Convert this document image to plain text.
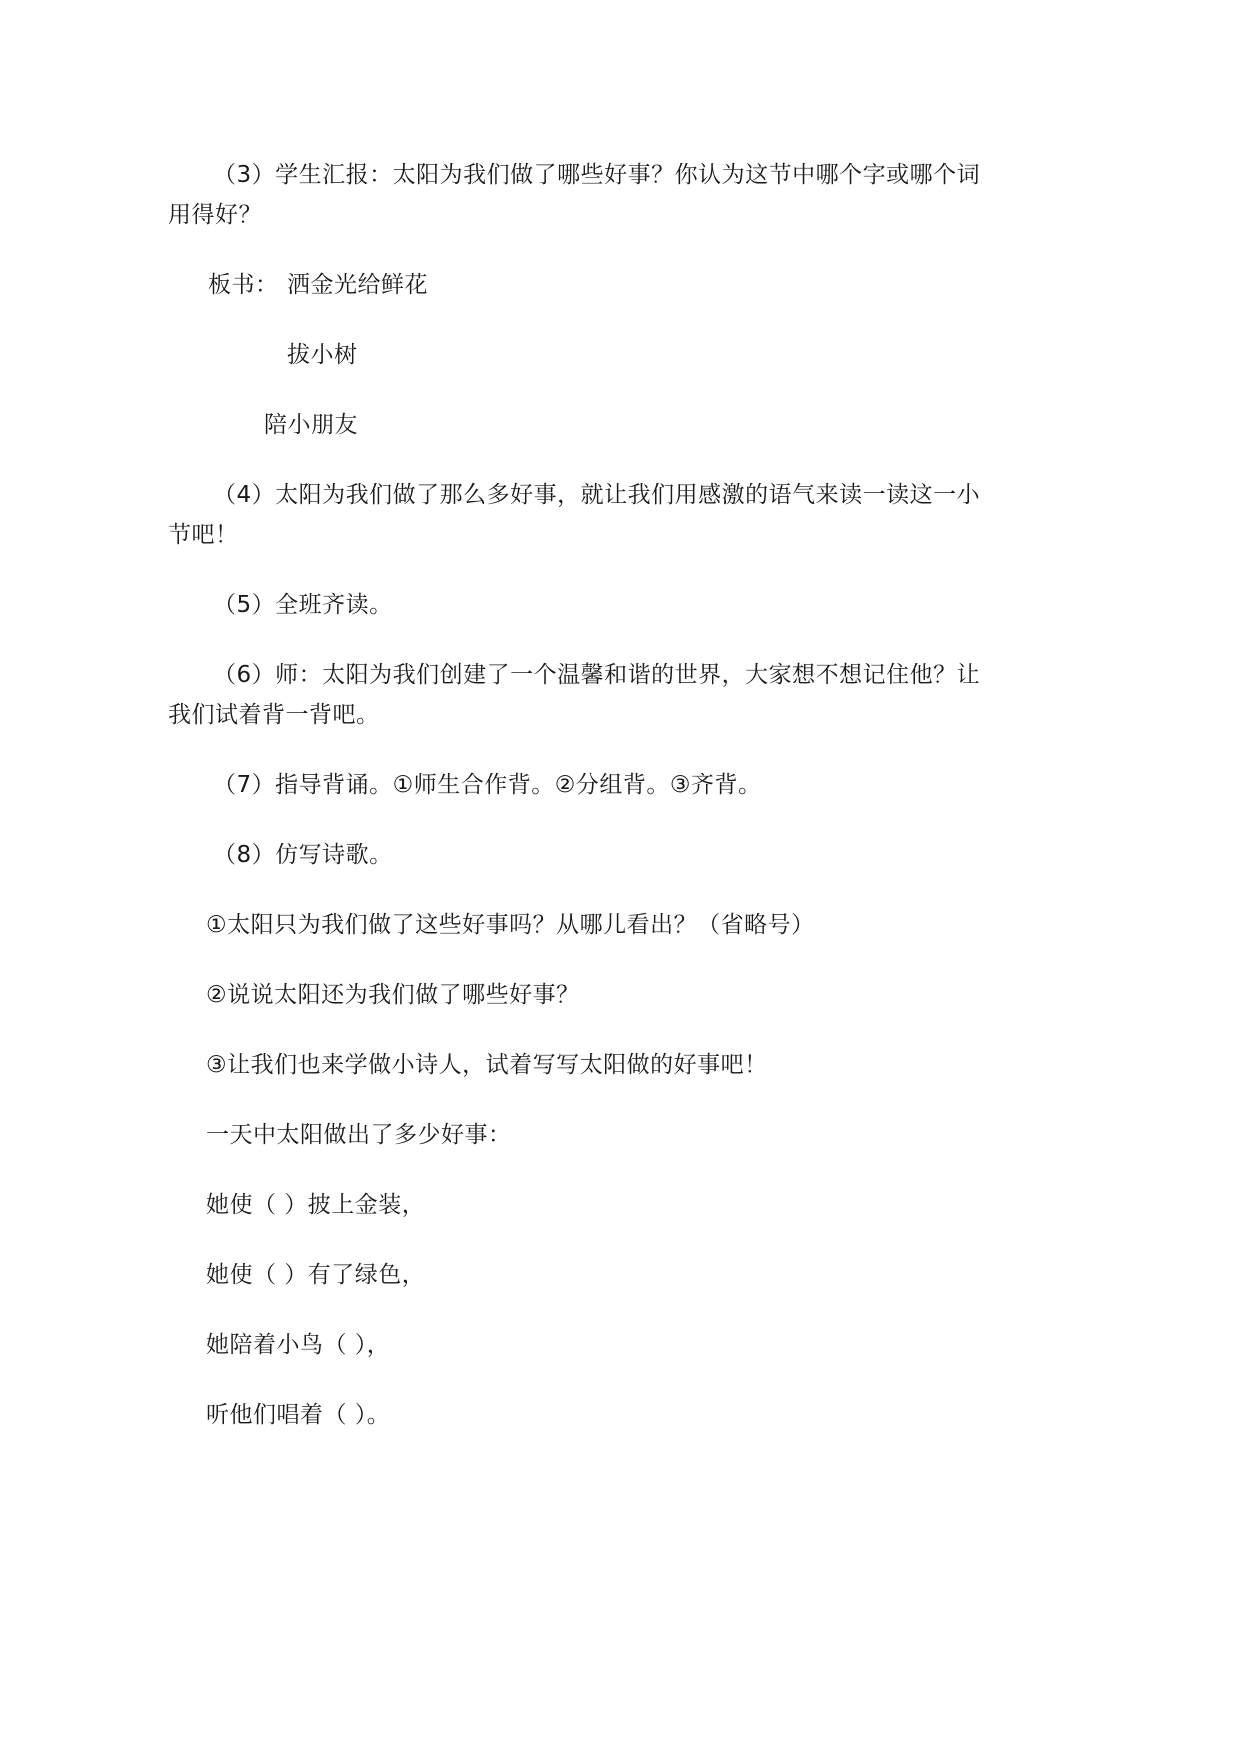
（3）学生汇报：太阳为我们做了哪些好事？你认为这节中哪个字或哪个词
用得好？
板书： 洒金光给鲜花
拔小树
陪小朋友
（4）太阳为我们做了那么多好事，就让我们用感激的语气来读一读这一小
节吧！
（5）全班齐读。
（6）师：太阳为我们创建了一个温馨和谐的世界，大家想不想记住他？让
我们试着背一背吧。
（7）指导背诵。①师生合作背。②分组背。③齐背。
（8）仿写诗歌。
①太阳只为我们做了这些好事吗？从哪儿看出？（省略号）
②说说太阳还为我们做了哪些好事？
③让我们也来学做小诗人，试着写写太阳做的好事吧！
一天中太阳做出了多少好事：
她使（ ）披上金装，
她使（ ）有了绿色，
她陪着小鸟（ ），
听他们唱着（ ）。
